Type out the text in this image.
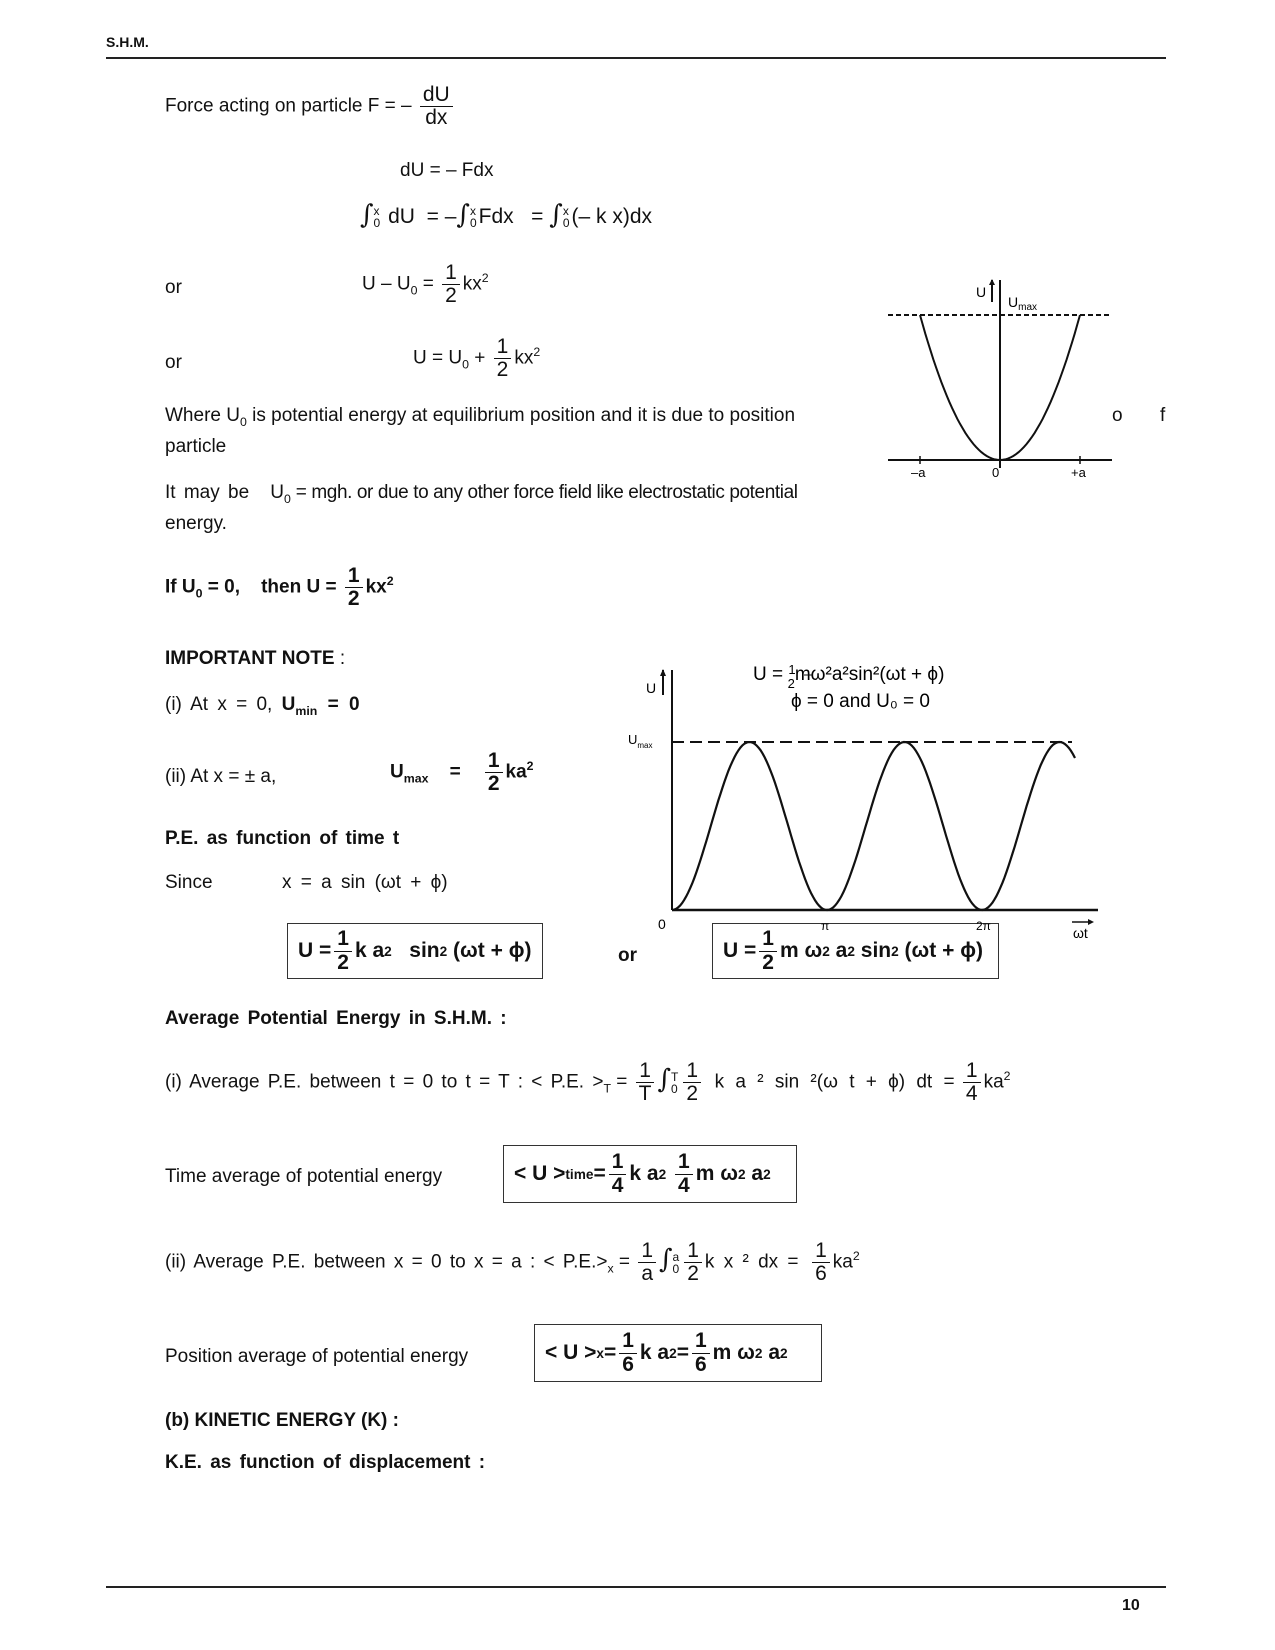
S.H.M.
Force acting on particle F = – $\frac{dU}{dx}$
dU = – Fdx
∫ x
0 dU = –∫ x
0 Fdx = ∫ x
0 (– k x)dx
or	$U - U_0 = \frac{1}{2} kx^2$
or	$U = U_0 + \frac{1}{2} kx^2$
Where $U_0$ is potential energy at equilibrium position and it is due to position	o f
particle
It may be $U_0$ = mgh. or due to any other force field like electrostatic potential
energy.
U
$U_{max}$
–a	0	+a
If $U_0 = 0$, then $U = \frac{1}{2} kx^2$
IMPORTANT NOTE :
(i) At x = 0, $U_{min} = 0$
(ii) At x = ± a,	$U_{max} = \frac{1}{2} ka^2$
P.E. as function of time t
Since	x = a sin (ωt + ϕ)
$U = \frac{1}{2}$ k a 2
sin 2
(ωt + ϕ)	or	$U = \frac{1}{2}$ m ω 2
a 2
sin 2
(ωt + ϕ)
U = $^1$ 2mω²a²sin²(ωt + ϕ)
ϕ = 0 and U₀ = 0
U
$U_{max}$
0	π	2π	ωt
Average Potential Energy in S.H.M. :
(i) Average P.E. between t = 0 to t = T : < P.E. $>_T = \frac{1}{T}$ ∫ T
$0 \frac{1}{2}$ k a ² sin ²(ω t + ϕ) dt = $\frac{1}{4} ka^2$
Time average of potential energy	< U > time = $\frac{1}{4}$ k a 2
$\frac{1}{4}$ m ω 2
a 2
(ii) Average P.E. between x = 0 to x = a : < $P.E.>_x = \frac{1}{a}$ ∫ a
$0 \frac{1}{2}$ k x ² dx = $\frac{1}{6} ka^2$
Position average of potential energy	< $U > x = \frac{1}{6}$ k a $2 = \frac{1}{6}$ m ω 2
a 2
(b) KINETIC ENERGY (K) :
K.E. as function of displacement :
10
